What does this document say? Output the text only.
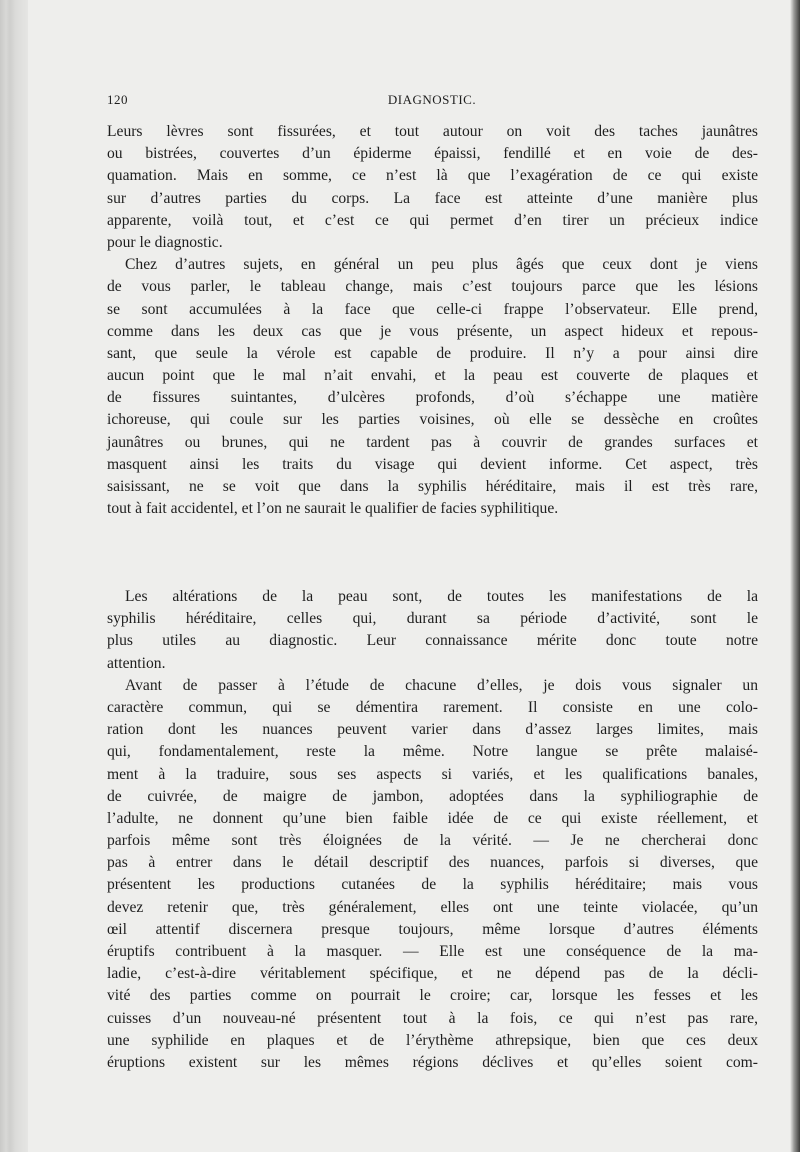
120	DIAGNOSTIC.
Leurs lèvres sont fissurées, et tout autour on voit des taches jaunâtres
ou bistrées, couvertes d’un épiderme épaissi, fendillé et en voie de des-
quamation. Mais en somme, ce n’est là que l’exagération de ce qui existe
sur d’autres parties du corps. La face est atteinte d’une manière plus
apparente, voilà tout, et c’est ce qui permet d’en tirer un précieux indice
pour le diagnostic.
Chez d’autres sujets, en général un peu plus âgés que ceux dont je viens
de vous parler, le tableau change, mais c’est toujours parce que les lésions
se sont accumulées à la face que celle-ci frappe l’observateur. Elle prend,
comme dans les deux cas que je vous présente, un aspect hideux et repous-
sant, que seule la vérole est capable de produire. Il n’y a pour ainsi dire
aucun point que le mal n’ait envahi, et la peau est couverte de plaques et
de fissures suintantes, d’ulcères profonds, d’où s’échappe une matière
ichoreuse, qui coule sur les parties voisines, où elle se dessèche en croûtes
jaunâtres ou brunes, qui ne tardent pas à couvrir de grandes surfaces et
masquent ainsi les traits du visage qui devient informe. Cet aspect, très
saisissant, ne se voit que dans la syphilis héréditaire, mais il est très rare,
tout à fait accidentel, et l’on ne saurait le qualifier de facies syphilitique.
Les altérations de la peau sont, de toutes les manifestations de la
syphilis héréditaire, celles qui, durant sa période d’activité, sont le
plus utiles au diagnostic. Leur connaissance mérite donc toute notre
attention.
Avant de passer à l’étude de chacune d’elles, je dois vous signaler un
caractère commun, qui se démentira rarement. Il consiste en une colo-
ration dont les nuances peuvent varier dans d’assez larges limites, mais
qui, fondamentalement, reste la même. Notre langue se prête malaisé-
ment à la traduire, sous ses aspects si variés, et les qualifications banales,
de cuivrée, de maigre de jambon, adoptées dans la syphiliographie de
l’adulte, ne donnent qu’une bien faible idée de ce qui existe réellement, et
parfois même sont très éloignées de la vérité. — Je ne chercherai donc
pas à entrer dans le détail descriptif des nuances, parfois si diverses, que
présentent les productions cutanées de la syphilis héréditaire; mais vous
devez retenir que, très généralement, elles ont une teinte violacée, qu’un
œil attentif discernera presque toujours, même lorsque d’autres éléments
éruptifs contribuent à la masquer. — Elle est une conséquence de la ma-
ladie, c’est-à-dire véritablement spécifique, et ne dépend pas de la décli-
vité des parties comme on pourrait le croire; car, lorsque les fesses et les
cuisses d’un nouveau-né présentent tout à la fois, ce qui n’est pas rare,
une syphilide en plaques et de l’érythème athrepsique, bien que ces deux
éruptions existent sur les mêmes régions déclives et qu’elles soient com-
